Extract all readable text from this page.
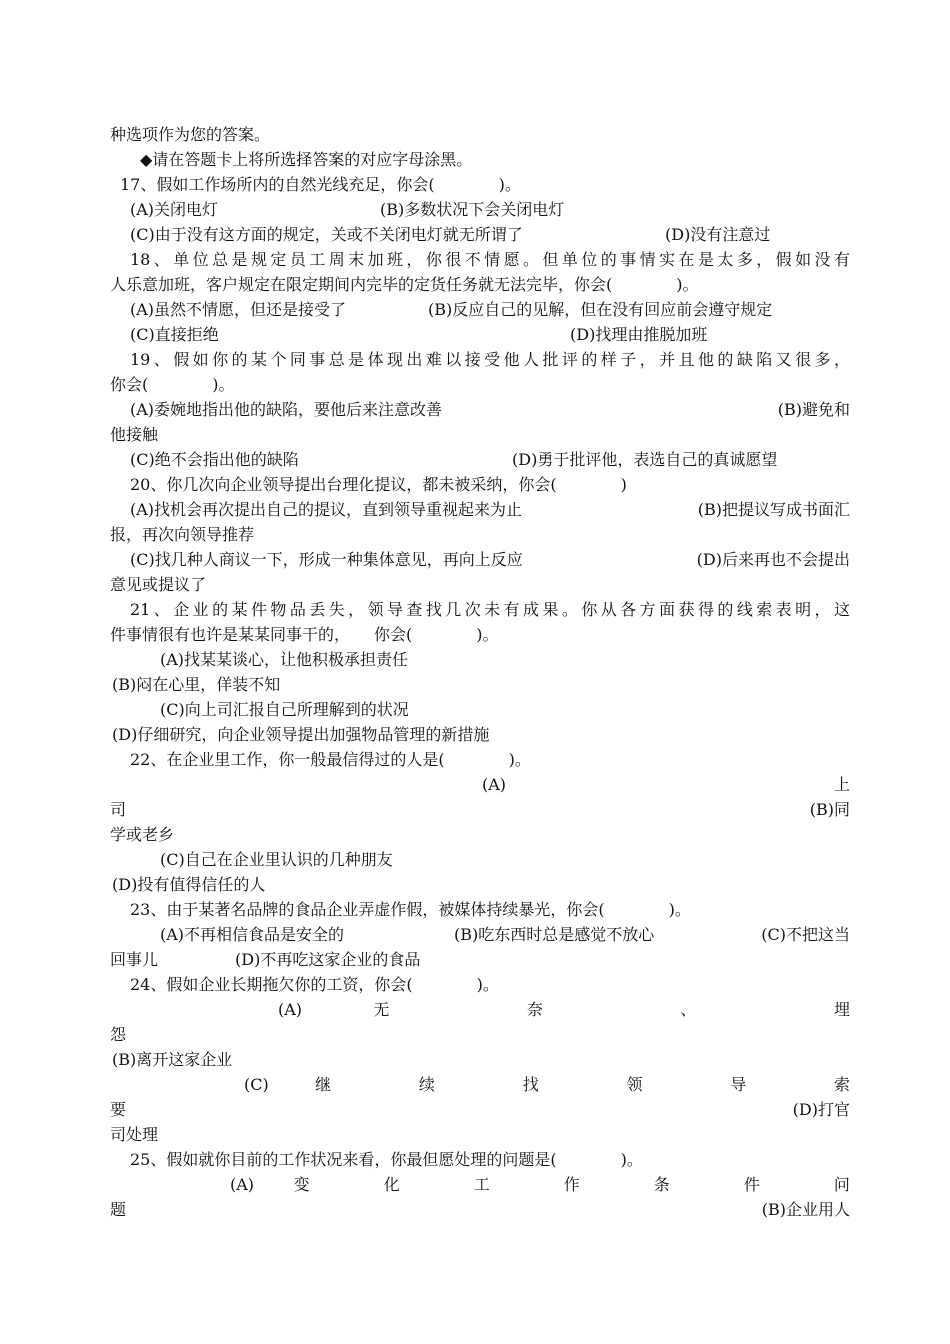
种选项作为您的答案。
◆请在答题卡上将所选择答案的对应字母涂黑。
17、假如工作场所内的自然光线充足，你会(　　　　)。
(A)关闭电灯	(B)多数状况下会关闭电灯
(C)由于没有这方面的规定，关或不关闭电灯就无所谓了	(D)没有注意过
18、单位总是规定员工周末加班，你很不情愿。但单位的事情实在是太多，假如没有
人乐意加班，客户规定在限定期间内完毕的定货任务就无法完毕，你会(　　　　)。
(A)虽然不情愿，但还是接受了	(B)反应自己的见解，但在没有回应前会遵守规定
(C)直接拒绝	(D)找理由推脱加班
19、假如你的某个同事总是体现出难以接受他人批评的样子，并且他的缺陷又很多，
你会(　　　　)。
(A)委婉地指出他的缺陷，要他后来注意改善	(B)避免和
他接触
(C)绝不会指出他的缺陷	(D)勇于批评他，表选自己的真诚愿望
20、你几次向企业领导提出台理化提议，都未被采纳，你会(　　　　)
(A)找机会再次提出自己的提议，直到领导重视起来为止	(B)把提议写成书面汇
报，再次向领导推荐
(C)找几种人商议一下，形成一种集体意见，再向上反应	(D)后来再也不会提出
意见或提议了
21、企业的某件物品丢失，领导查找几次未有成果。你从各方面获得的线索表明，这
件事情很有也许是某某同事干的，　　你会(　　　　)。
(A)找某某谈心，让他积极承担责任
(B)闷在心里，佯装不知
(C)向上司汇报自己所理解到的状况
(D)仔细研究，向企业领导提出加强物品管理的新措施
22、在企业里工作，你一般最信得过的人是(　　　　)。
(A)	上
司	(B)同
学或老乡
(C)自己在企业里认识的几种朋友
(D)投有值得信任的人
23、由于某著名品牌的食品企业弄虚作假，被媒体持续暴光，你会(　　　　)。
(A)不再相信食品是安全的	(B)吃东西时总是感觉不放心	(C)不把这当
回事儿	(D)不再吃这家企业的食品
24、假如企业长期拖欠你的工资，你会(　　　　)。
(A)	无	奈	、	埋
怨
(B)离开这家企业
(C)	继	续	找	领	导	索
要	(D)打官
司处理
25、假如就你目前的工作状况来看，你最但愿处理的问题是(　　　　)。
(A) 变 化 工 作 条 件 问
题	(B)企业用人
